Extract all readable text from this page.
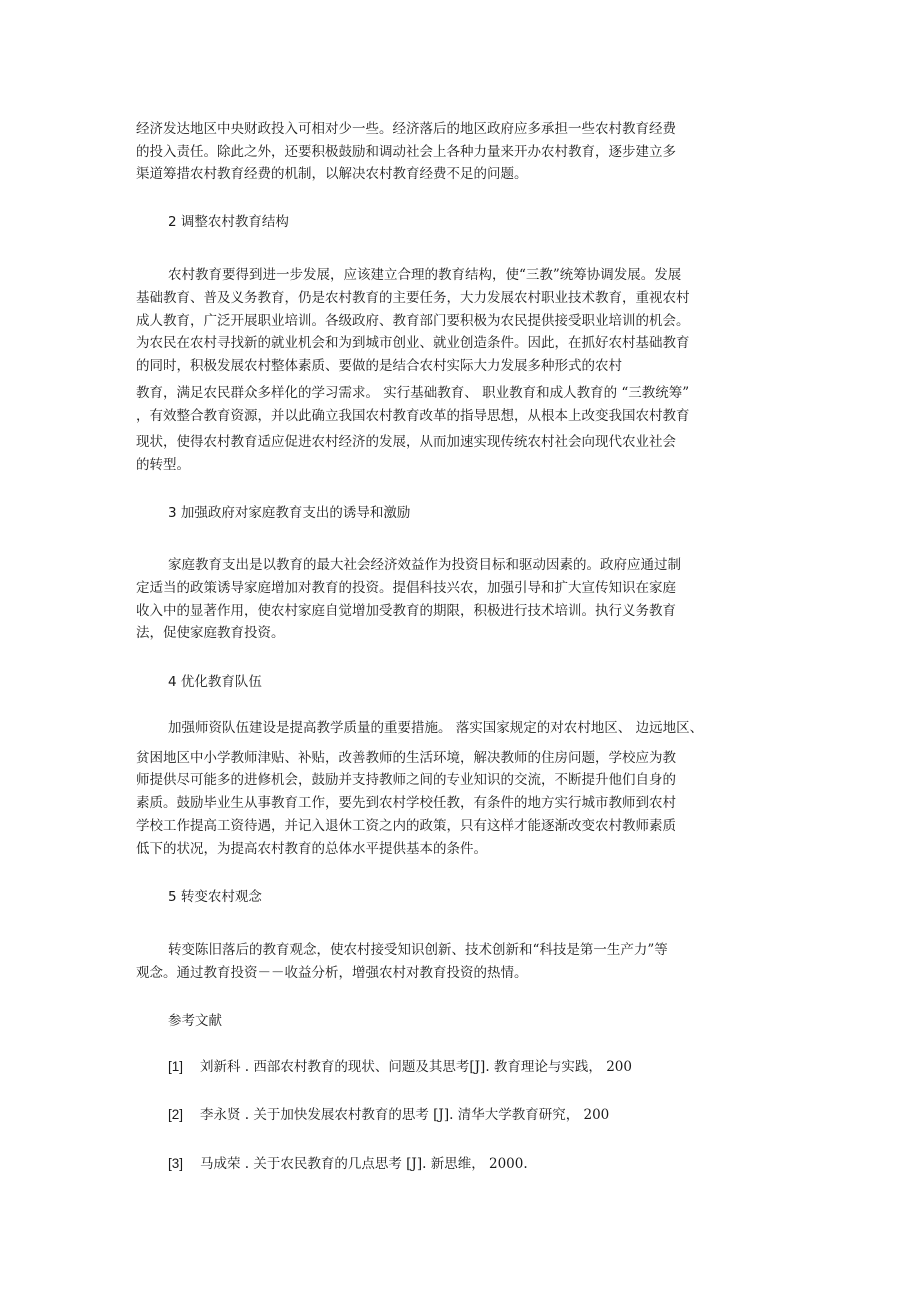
经济发达地区中央财政投入可相对少一些。经济落后的地区政府应多承担一些农村教育经费
的投入责任。除此之外，还要积极鼓励和调动社会上各种力量来开办农村教育，逐步建立多
渠道筹措农村教育经费的机制，以解决农村教育经费不足的问题。
2 调整农村教育结构
农村教育要得到进一步发展，应该建立合理的教育结构，使“三教”统筹协调发展。发展
基础教育、普及义务教育，仍是农村教育的主要任务，大力发展农村职业技术教育，重视农村
成人教育，广泛开展职业培训。各级政府、教育部门要积极为农民提供接受职业培训的机会。
为农民在农村寻找新的就业机会和为到城市创业、就业创造条件。因此，在抓好农村基础教育
的同时，积极发展农村整体素质、要做的是结合农村实际大力发展多种形式的农村
教育，满足农民群众多样化的学习需求。 实行基础教育、 职业教育和成人教育的 “三教统筹”
，有效整合教育资源，并以此确立我国农村教育改革的指导思想，从根本上改变我国农村教育
现状，使得农村教育适应促进农村经济的发展，从而加速实现传统农村社会向现代农业社会
的转型。
3 加强政府对家庭教育支出的诱导和激励
家庭教育支出是以教育的最大社会经济效益作为投资目标和驱动因素的。政府应通过制
定适当的政策诱导家庭增加对教育的投资。提倡科技兴农，加强引导和扩大宣传知识在家庭
收入中的显著作用，使农村家庭自觉增加受教育的期限，积极进行技术培训。执行义务教育
法，促使家庭教育投资。
4 优化教育队伍
加强师资队伍建设是提高教学质量的重要措施。 落实国家规定的对农村地区、 边远地区、
贫困地区中小学教师津贴、补贴，改善教师的生活环境，解决教师的住房问题，学校应为教
师提供尽可能多的进修机会，鼓励并支持教师之间的专业知识的交流，不断提升他们自身的
素质。鼓励毕业生从事教育工作，要先到农村学校任教，有条件的地方实行城市教师到农村
学校工作提高工资待遇，并记入退休工资之内的政策，只有这样才能逐渐改变农村教师素质
低下的状况，为提高农村教育的总体水平提供基本的条件。
5 转变农村观念
转变陈旧落后的教育观念，使农村接受知识创新、技术创新和“科技是第一生产力”等
观念。通过教育投资－－收益分析，增强农村对教育投资的热情。
参考文献
[1] 刘新科 . 西部农村教育的现状、问题及其思考[J]. 教育理论与实践， 200
[2] 李永贤 . 关于加快发展农村教育的思考 [J]. 清华大学教育研究， 200
[3] 马成荣 . 关于农民教育的几点思考 [J]. 新思维， 2000.
